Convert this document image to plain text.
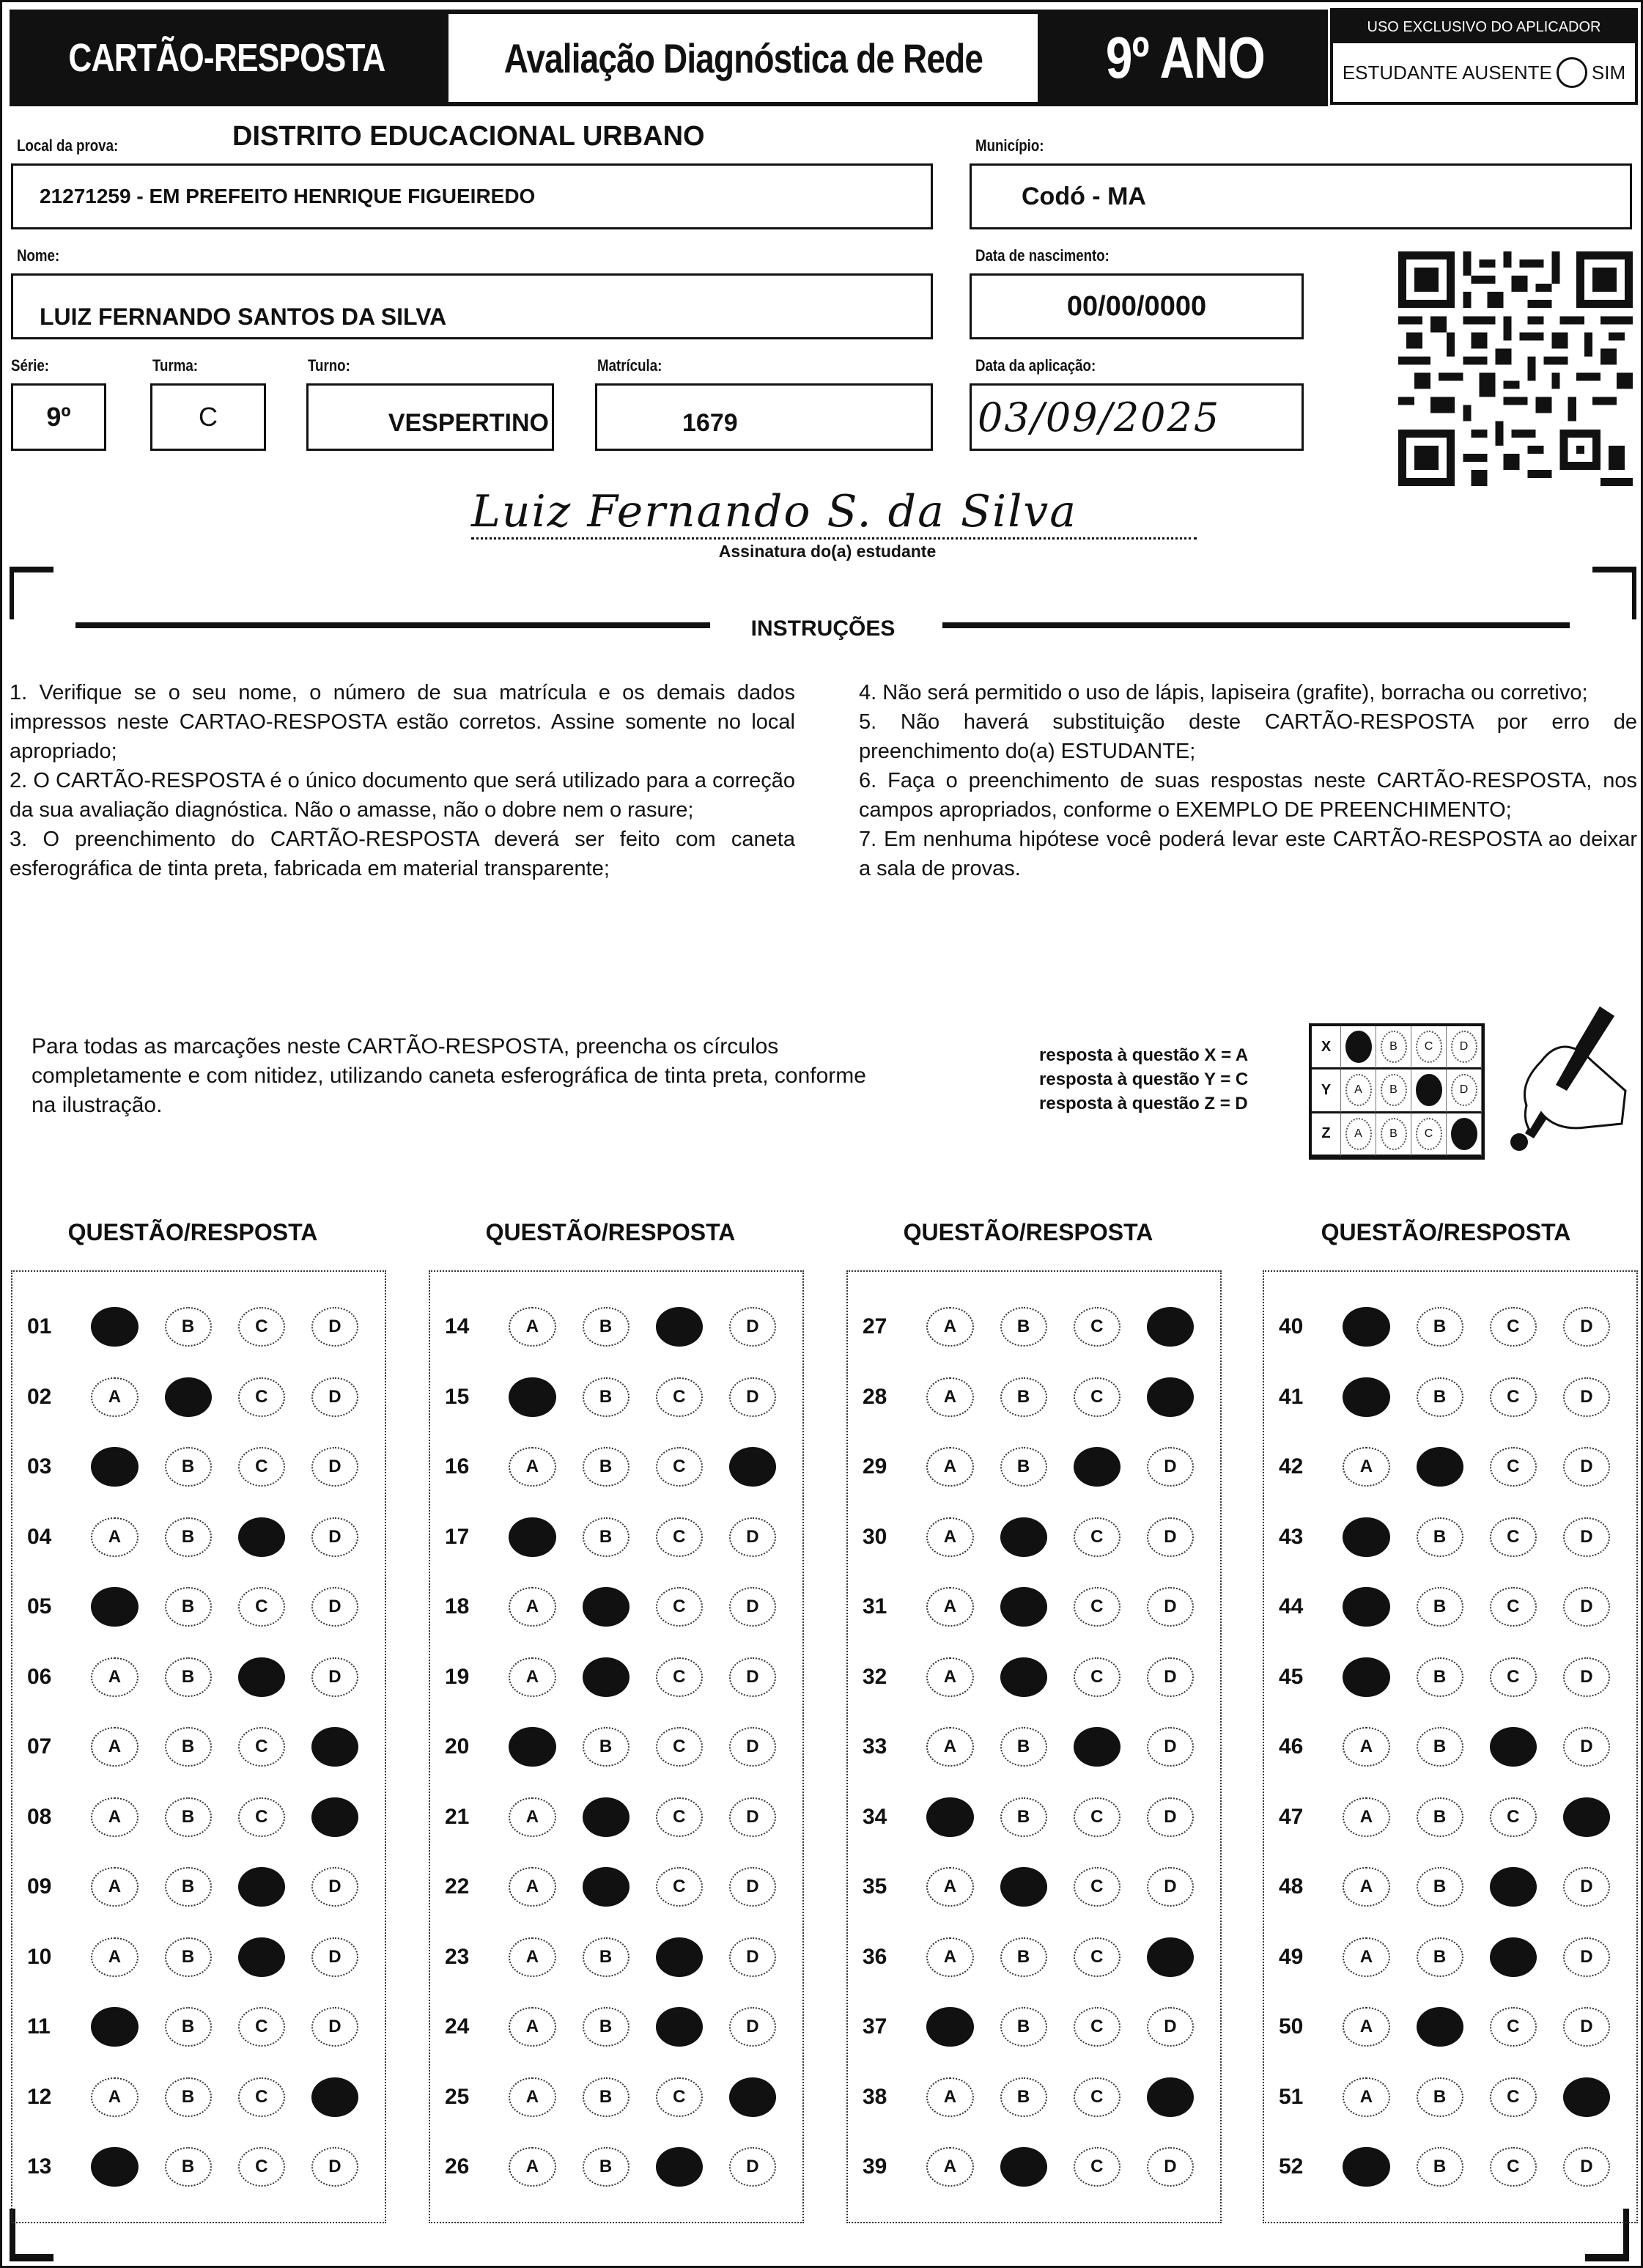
CARTÃO-RESPOSTA	Avaliação Diagnóstica de Rede 9º ANO	USO EXCLUSIVO DO APLICADOR
ESTUDANTE AUSENTE SIM
DISTRITO EDUCACIONAL URBANO
Local da prova:
21271259 - EM PREFEITO HENRIQUE FIGUEIREDO
Município:
Codó - MA
Nome:
LUIZ FERNANDO SANTOS DA SILVA
Data de nascimento:
00/00/0000
Série:
9º
Turma:
C
Turno:
VESPERTINO
Matrícula:
1679
Data da aplicação:
03/09/2025
Luiz Fernando S. da Silva
Assinatura do(a) estudante
INSTRUÇÕES
1. Verifique se o seu nome, o número de sua matrícula e os demais dados impressos neste CARTAO-RESPOSTA estão corretos. Assine somente no local apropriado;
2. O CARTÃO-RESPOSTA é o único documento que será utilizado para a correção da sua avaliação diagnóstica. Não o amasse, não o dobre nem o rasure;
3. O preenchimento do CARTÃO-RESPOSTA deverá ser feito com caneta esferográfica de tinta preta, fabricada em material transparente;
4. Não será permitido o uso de lápis, lapiseira (grafite), borracha ou corretivo;
5. Não haverá substituição deste CARTÃO-RESPOSTA por erro de preenchimento do(a) ESTUDANTE;
6. Faça o preenchimento de suas respostas neste CARTÃO-RESPOSTA, nos campos apropriados, conforme o EXEMPLO DE PREENCHIMENTO;
7. Em nenhuma hipótese você poderá levar este CARTÃO-RESPOSTA ao deixar a sala de provas.
Para todas as marcações neste CARTÃO-RESPOSTA, preencha os círculos completamente e com nitidez, utilizando caneta esferográfica de tinta preta, conforme na ilustração.
resposta à questão X = A
resposta à questão Y = C
resposta à questão Z = D
X	B	C	D
Y	A	B	D
Z	A	B	C
QUESTÃO/RESPOSTA	QUESTÃO/RESPOSTA	QUESTÃO/RESPOSTA	QUESTÃO/RESPOSTA
01	A	B	C	D
02	A	B	C	D
03	A	B	C	D
04	A	B	C	D
05	A	B	C	D
06	A	B	C	D
07	A	B	C	D
08	A	B	C	D
09	A	B	C	D
10	A	B	C	D
11	A	B	C	D
12	A	B	C	D
13	A	B	C	D
14	A	B	C	D
15	A	B	C	D
16	A	B	C	D
17	A	B	C	D
18	A	B	C	D
19	A	B	C	D
20	A	B	C	D
21	A	B	C	D
22	A	B	C	D
23	A	B	C	D
24	A	B	C	D
25	A	B	C	D
26	A	B	C	D
27	A	B	C	D
28	A	B	C	D
29	A	B	C	D
30	A	B	C	D
31	A	B	C	D
32	A	B	C	D
33	A	B	C	D
34	A	B	C	D
35	A	B	C	D
36	A	B	C	D
37	A	B	C	D
38	A	B	C	D
39	A	B	C	D
40	A	B	C	D
41	A	B	C	D
42	A	B	C	D
43	A	B	C	D
44	A	B	C	D
45	A	B	C	D
46	A	B	C	D
47	A	B	C	D
48	A	B	C	D
49	A	B	C	D
50	A	B	C	D
51	A	B	C	D
52	A	B	C	D
